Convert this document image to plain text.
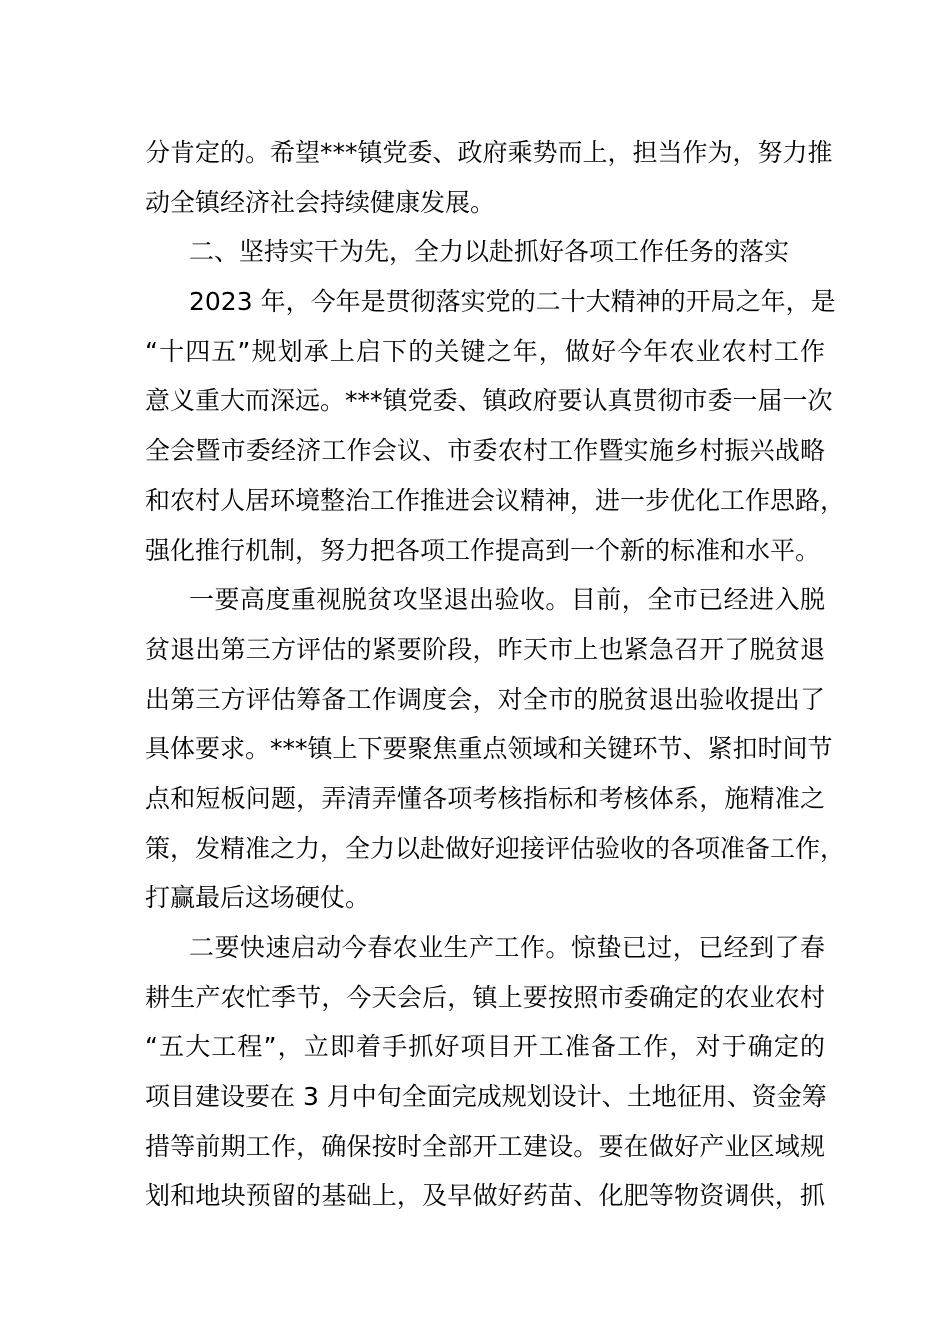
分肯定的。希望***镇党委、政府乘势而上，担当作为，努力推
动全镇经济社会持续健康发展。
二、坚持实干为先，全力以赴抓好各项工作任务的落实
2023 年，今年是贯彻落实党的二十大精神的开局之年，是
“十四五”规划承上启下的关键之年，做好今年农业农村工作
意义重大而深远。***镇党委、镇政府要认真贯彻市委一届一次
全会暨市委经济工作会议、市委农村工作暨实施乡村振兴战略
和农村人居环境整治工作推进会议精神，进一步优化工作思路，
强化推行机制，努力把各项工作提高到一个新的标准和水平。
一要高度重视脱贫攻坚退出验收。目前，全市已经进入脱
贫退出第三方评估的紧要阶段，昨天市上也紧急召开了脱贫退
出第三方评估筹备工作调度会，对全市的脱贫退出验收提出了
具体要求。***镇上下要聚焦重点领域和关键环节、紧扣时间节
点和短板问题，弄清弄懂各项考核指标和考核体系，施精准之
策，发精准之力，全力以赴做好迎接评估验收的各项准备工作，
打赢最后这场硬仗。
二要快速启动今春农业生产工作。惊蛰已过，已经到了春
耕生产农忙季节，今天会后，镇上要按照市委确定的农业农村
“五大工程”，立即着手抓好项目开工准备工作，对于确定的
项目建设要在 3 月中旬全面完成规划设计、土地征用、资金筹
措等前期工作，确保按时全部开工建设。要在做好产业区域规
划和地块预留的基础上，及早做好药苗、化肥等物资调供，抓
